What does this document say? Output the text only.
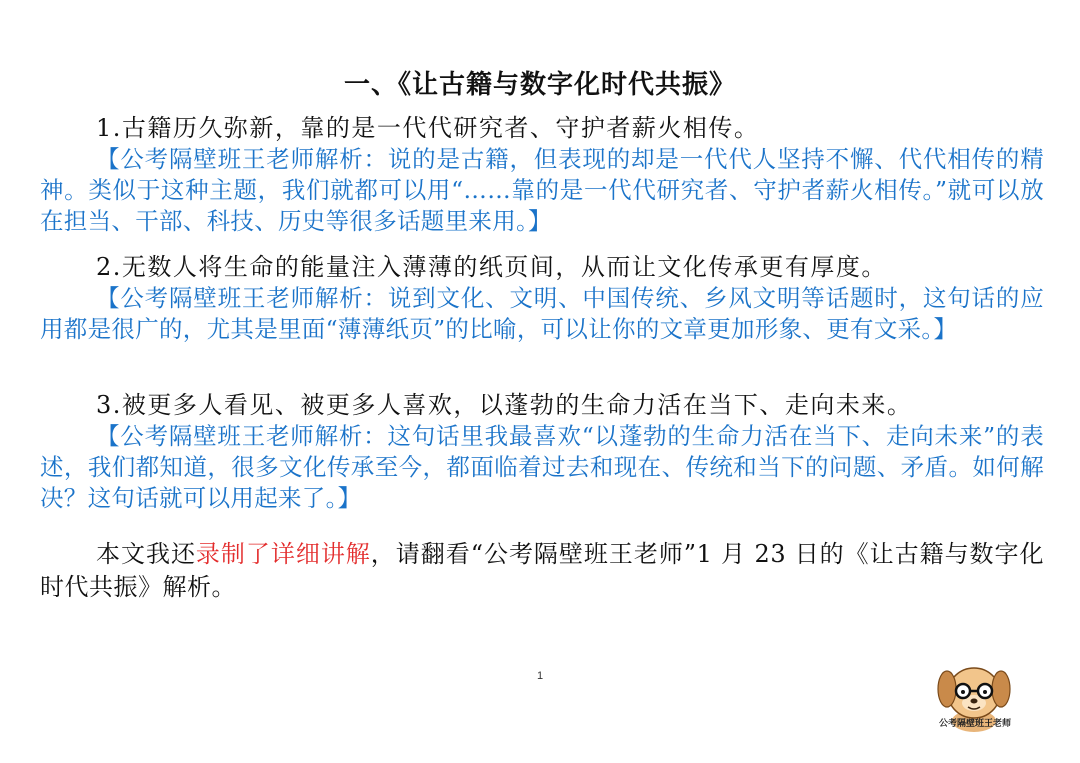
一、《让古籍与数字化时代共振》

1.古籍历久弥新，靠的是一代代研究者、守护者薪火相传。

【公考隔壁班王老师解析：说的是古籍，但表现的却是一代代人坚持不懈、代代相传的精神。类似于这种主题，我们就都可以用“……靠的是一代代研究者、守护者薪火相传。”就可以放在担当、干部、科技、历史等很多话题里来用。】

2.无数人将生命的能量注入薄薄的纸页间，从而让文化传承更有厚度。

【公考隔壁班王老师解析：说到文化、文明、中国传统、乡风文明等话题时，这句话的应用都是很广的，尤其是里面“薄薄纸页”的比喻，可以让你的文章更加形象、更有文采。】

3.被更多人看见、被更多人喜欢，以蓬勃的生命力活在当下、走向未来。

【公考隔壁班王老师解析：这句话里我最喜欢“以蓬勃的生命力活在当下、走向未来”的表述，我们都知道，很多文化传承至今，都面临着过去和现在、传统和当下的问题、矛盾。如何解决？这句话就可以用起来了。】

本文我还录制了详细讲解，请翻看“公考隔壁班王老师”1 月 23 日的《让古籍与数字化时代共振》解析。

1
公考隔壁班王老师
